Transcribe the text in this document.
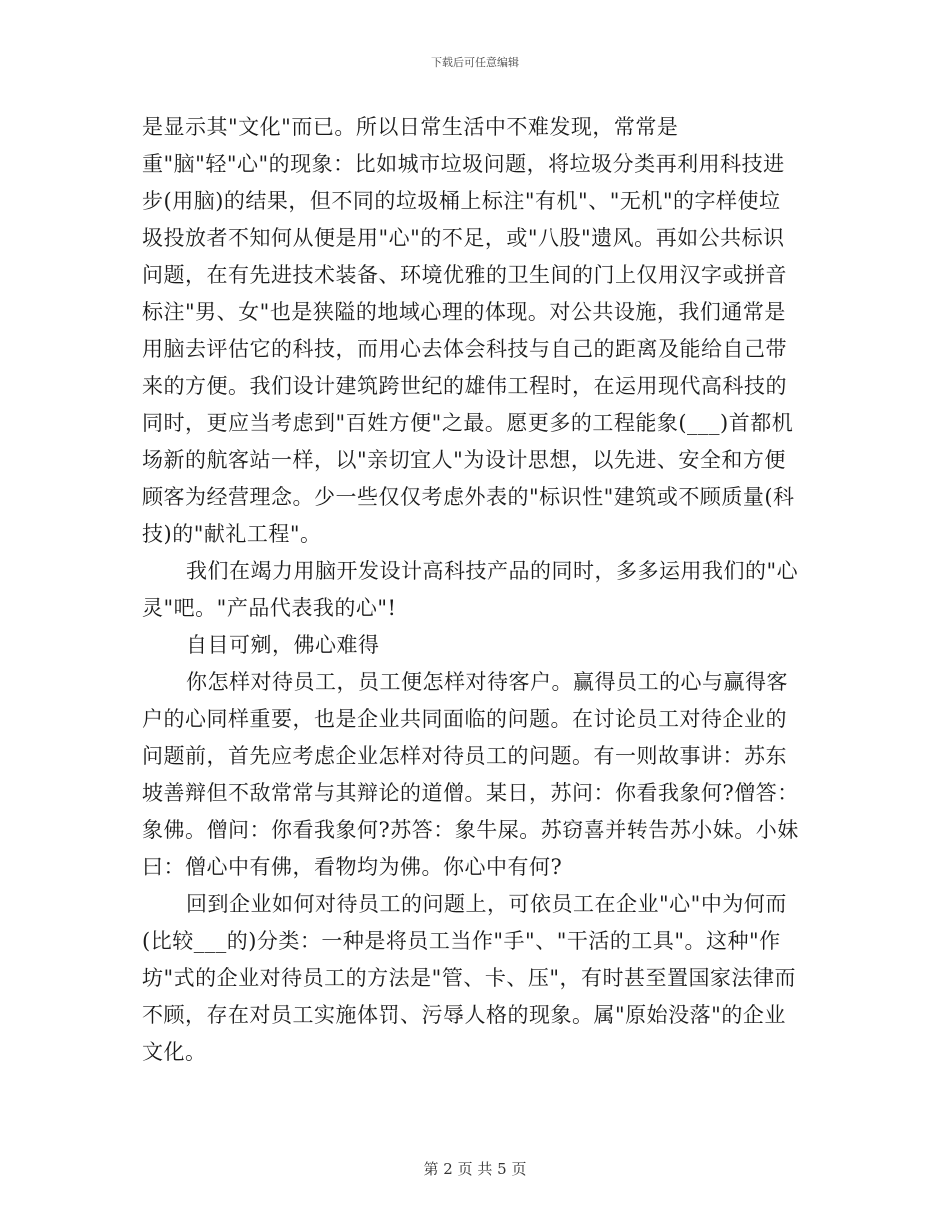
下载后可任意编辑
是显示其"文化"而已。所以日常生活中不难发现，常常是
重"脑"轻"心"的现象：比如城市垃圾问题，将垃圾分类再利用科技进
步(用脑)的结果，但不同的垃圾桶上标注"有机"、"无机"的字样使垃
圾投放者不知何从便是用"心"的不足，或"八股"遗风。再如公共标识
问题，在有先进技术装备、环境优雅的卫生间的门上仅用汉字或拼音
标注"男、女"也是狭隘的地域心理的体现。对公共设施，我们通常是
用脑去评估它的科技，而用心去体会科技与自己的距离及能给自己带
来的方便。我们设计建筑跨世纪的雄伟工程时，在运用现代高科技的
同时，更应当考虑到"百姓方便"之最。愿更多的工程能象(___)首都机
场新的航客站一样，以"亲切宜人"为设计思想，以先进、安全和方便
顾客为经营理念。少一些仅仅考虑外表的"标识性"建筑或不顾质量(科
技)的"献礼工程"。
我们在竭力用脑开发设计高科技产品的同时，多多运用我们的"心
灵"吧。"产品代表我的心"!
自目可剜，佛心难得
你怎样对待员工，员工便怎样对待客户。赢得员工的心与赢得客
户的心同样重要，也是企业共同面临的问题。在讨论员工对待企业的
问题前，首先应考虑企业怎样对待员工的问题。有一则故事讲：苏东
坡善辩但不敌常常与其辩论的道僧。某日，苏问：你看我象何?僧答：
象佛。僧问：你看我象何?苏答：象牛屎。苏窃喜并转告苏小妹。小妹
曰：僧心中有佛，看物均为佛。你心中有何?
回到企业如何对待员工的问题上，可依员工在企业"心"中为何而
(比较___的)分类：一种是将员工当作"手"、"干活的工具"。这种"作
坊"式的企业对待员工的方法是"管、卡、压"，有时甚至置国家法律而
不顾，存在对员工实施体罚、污辱人格的现象。属"原始没落"的企业
文化。
第 2 页 共 5 页
